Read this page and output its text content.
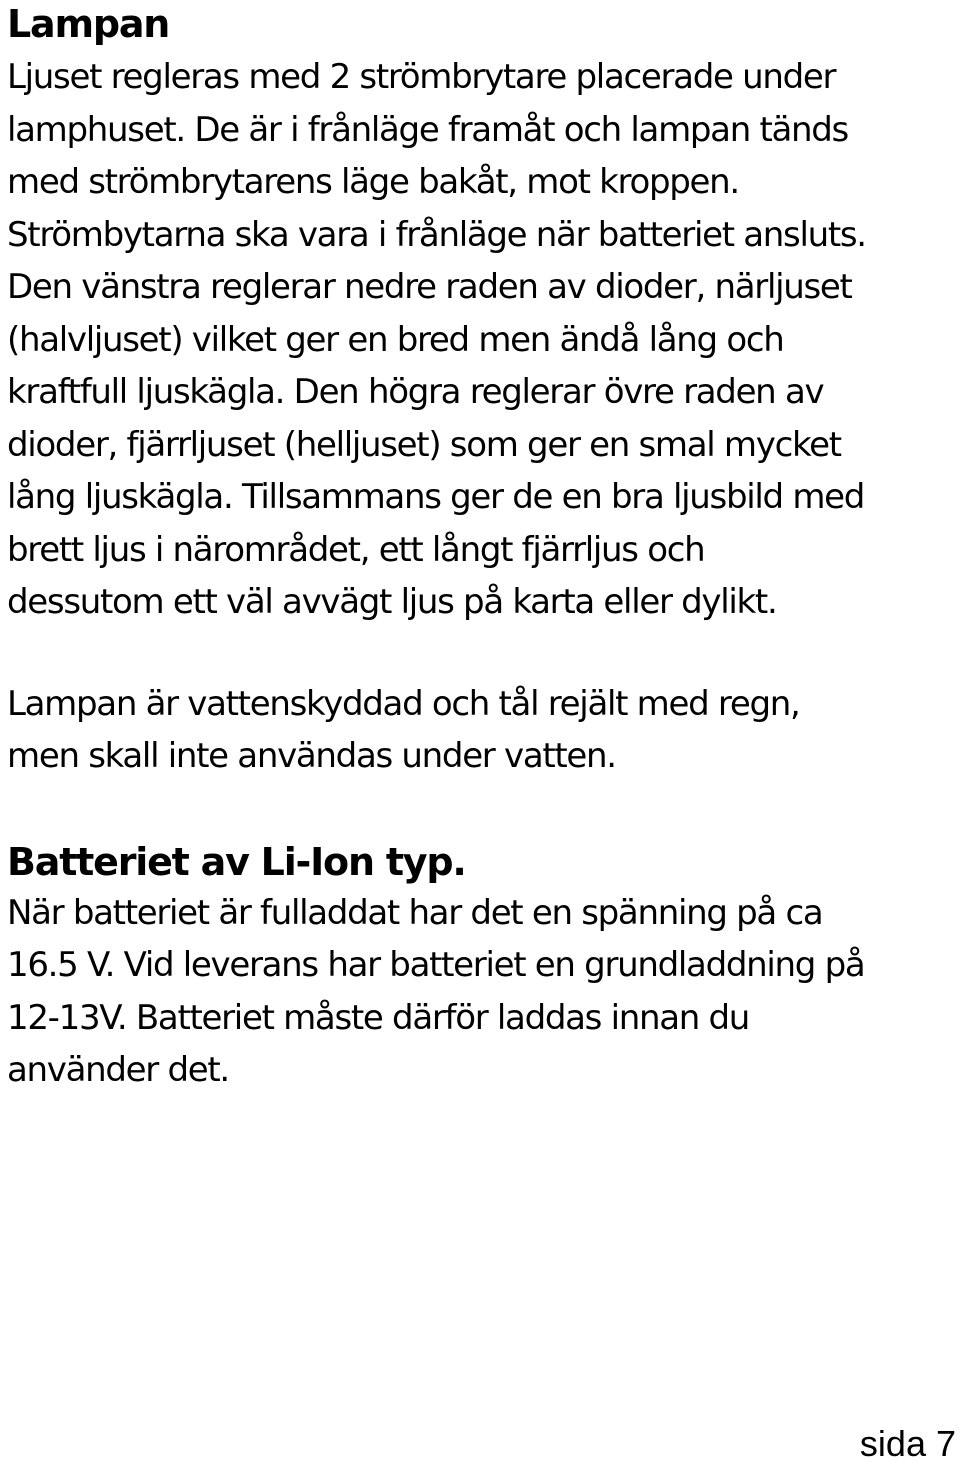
Lampan
Ljuset regleras med 2 strömbrytare placerade under
lamphuset. De är i frånläge framåt och lampan tänds
med strömbrytarens läge bakåt, mot kroppen.
Strömbytarna ska vara i frånläge när batteriet ansluts.
Den vänstra reglerar nedre raden av dioder, närljuset
(halvljuset) vilket ger en bred men ändå lång och
kraftfull ljuskägla. Den högra reglerar övre raden av
dioder, fjärrljuset (helljuset) som ger en smal mycket
lång ljuskägla. Tillsammans ger de en bra ljusbild med
brett ljus i närområdet, ett långt fjärrljus och
dessutom ett väl avvägt ljus på karta eller dylikt.
Lampan är vattenskyddad och tål rejält med regn,
men skall inte användas under vatten.
Batteriet av Li-Ion typ.
När batteriet är fulladdat har det en spänning på ca
16.5 V. Vid leverans har batteriet en grundladdning på
12-13V. Batteriet måste därför laddas innan du
använder det.
sida 7
